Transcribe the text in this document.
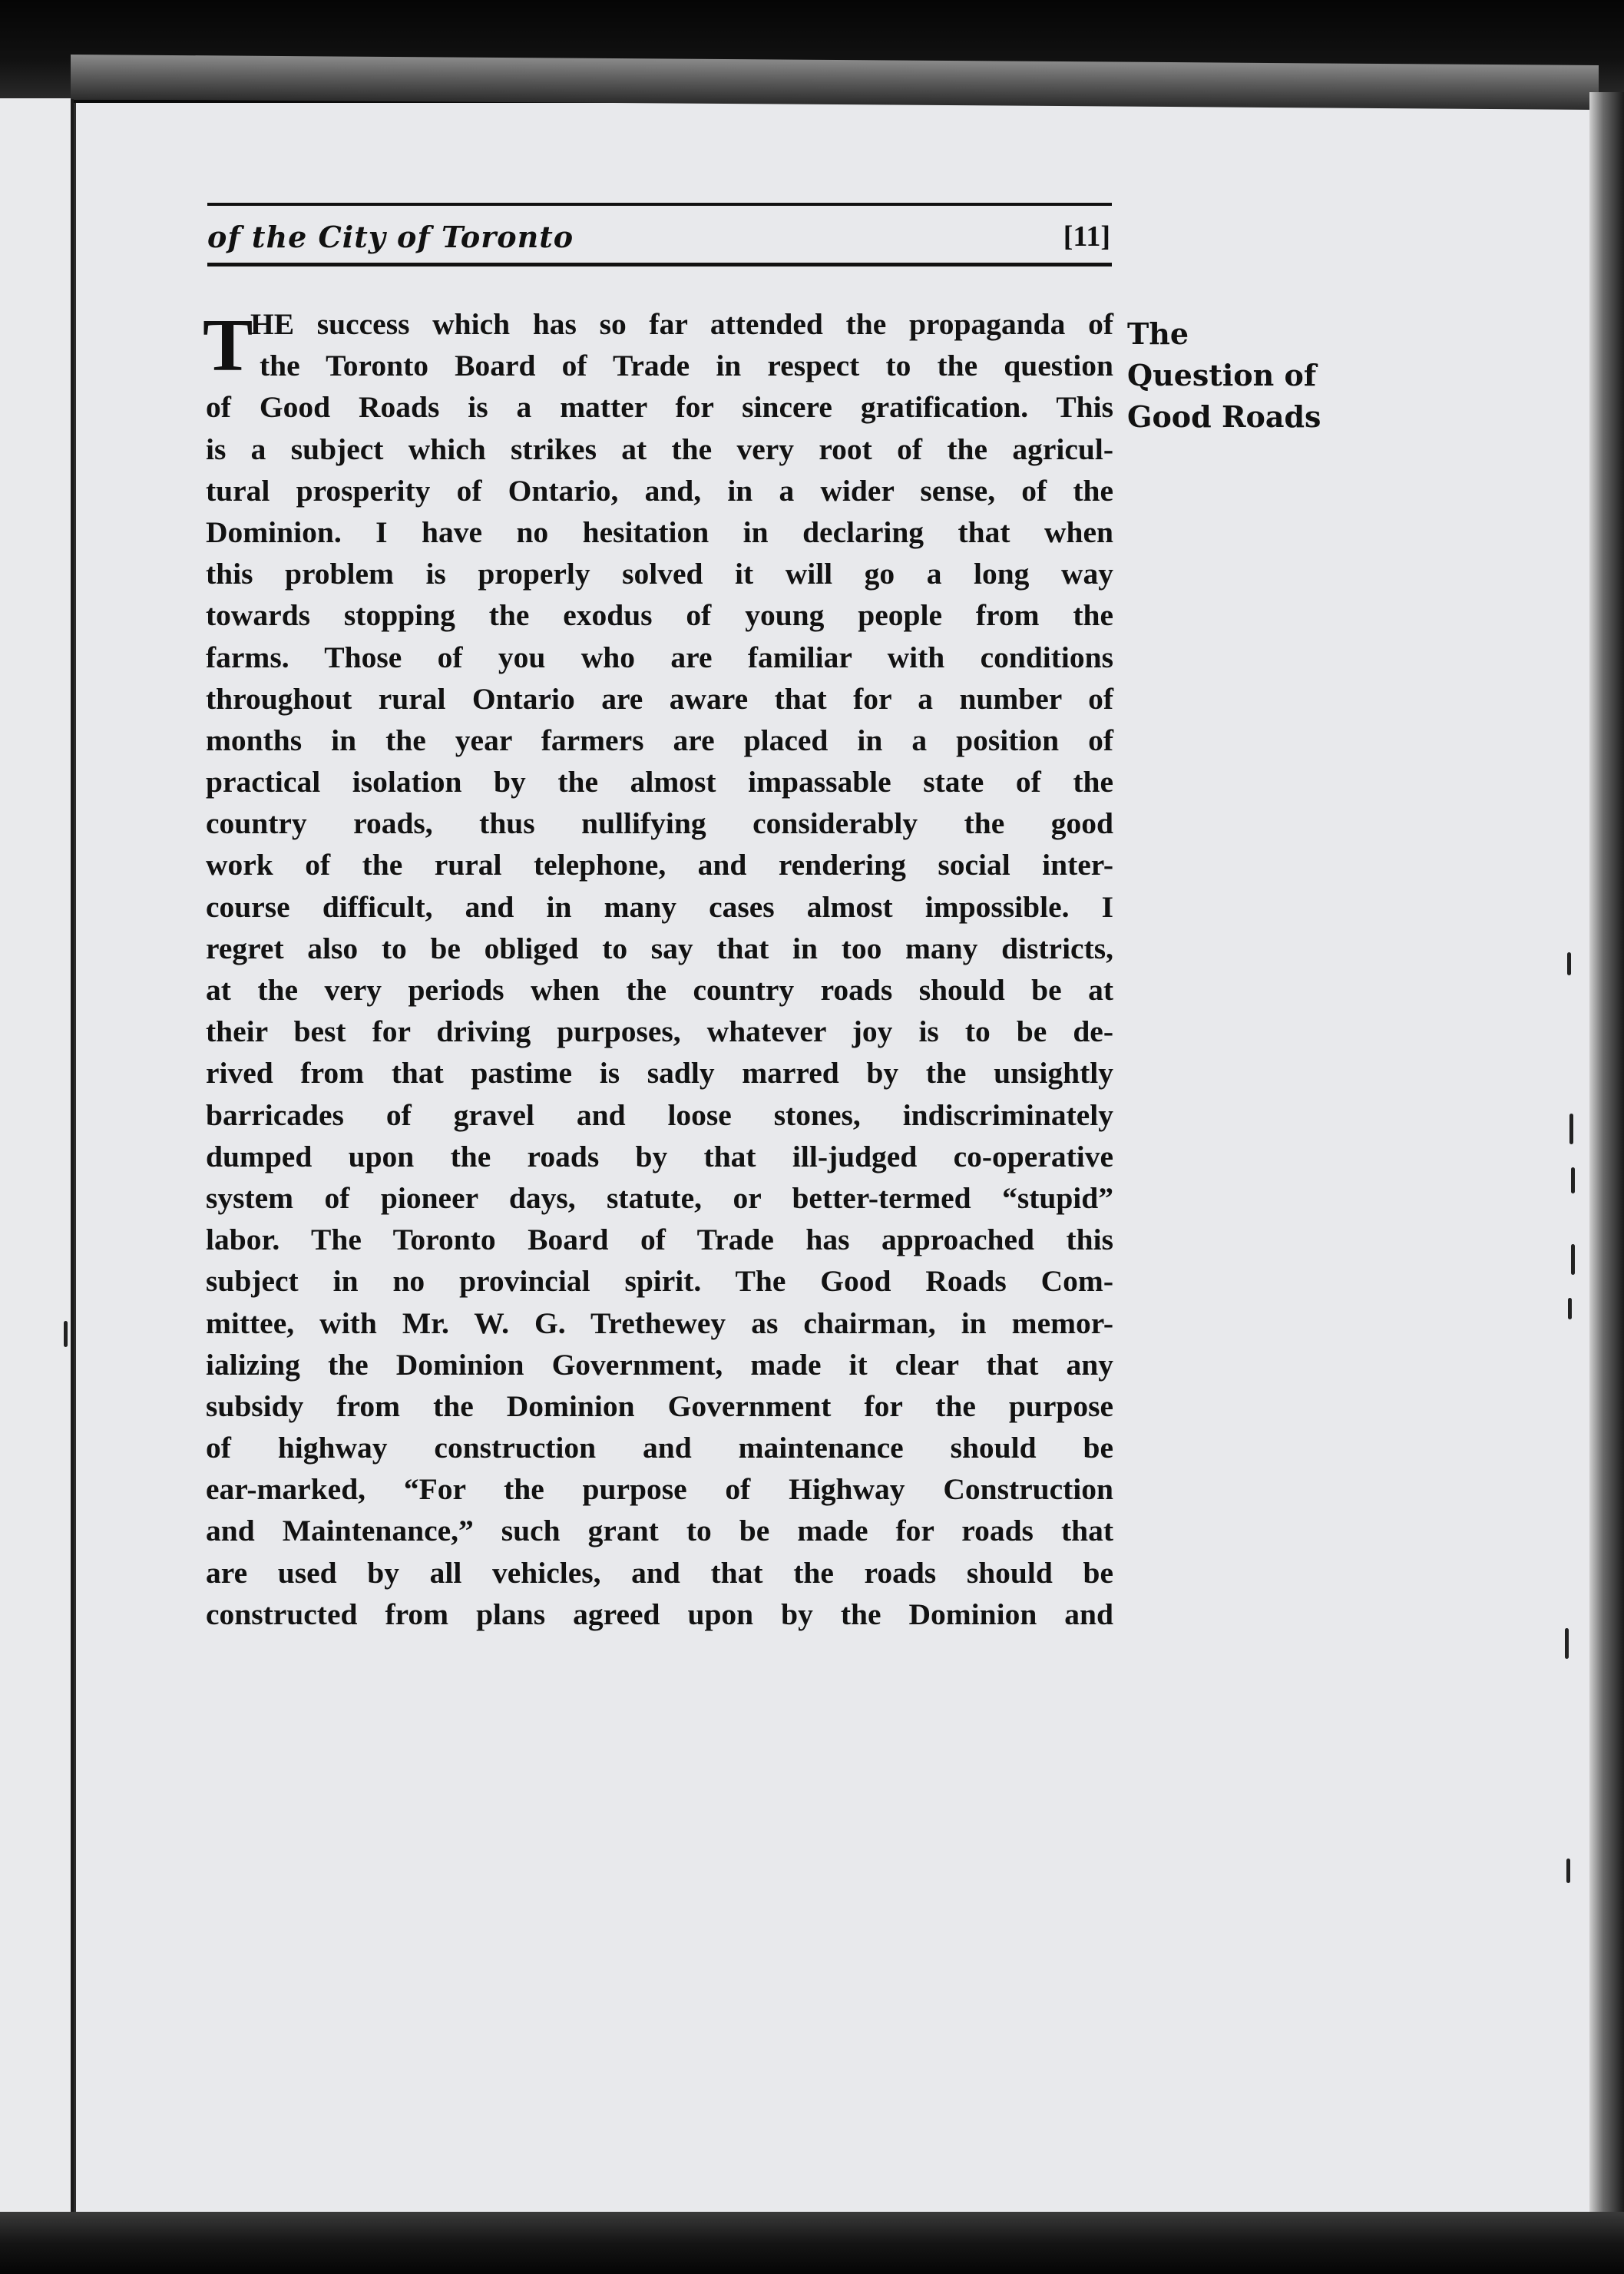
of the City of Toronto	[11]
The
Question of
Good Roads
T
HE success which has so far attended the propaganda of
the Toronto Board of Trade in respect to the question
of Good Roads is a matter for sincere gratification. This
is a subject which strikes at the very root of the agricul-
tural prosperity of Ontario, and, in a wider sense, of the
Dominion. I have no hesitation in declaring that when
this problem is properly solved it will go a long way
towards stopping the exodus of young people from the
farms. Those of you who are familiar with conditions
throughout rural Ontario are aware that for a number of
months in the year farmers are placed in a position of
practical isolation by the almost impassable state of the
country roads, thus nullifying considerably the good
work of the rural telephone, and rendering social inter-
course difficult, and in many cases almost impossible. I
regret also to be obliged to say that in too many districts,
at the very periods when the country roads should be at
their best for driving purposes, whatever joy is to be de-
rived from that pastime is sadly marred by the unsightly
barricades of gravel and loose stones, indiscriminately
dumped upon the roads by that ill-judged co-operative
system of pioneer days, statute, or better-termed “stupid”
labor. The Toronto Board of Trade has approached this
subject in no provincial spirit. The Good Roads Com-
mittee, with Mr. W. G. Trethewey as chairman, in memor-
ializing the Dominion Government, made it clear that any
subsidy from the Dominion Government for the purpose
of highway construction and maintenance should be
ear-marked, “For the purpose of Highway Construction
and Maintenance,” such grant to be made for roads that
are used by all vehicles, and that the roads should be
constructed from plans agreed upon by the Dominion and
